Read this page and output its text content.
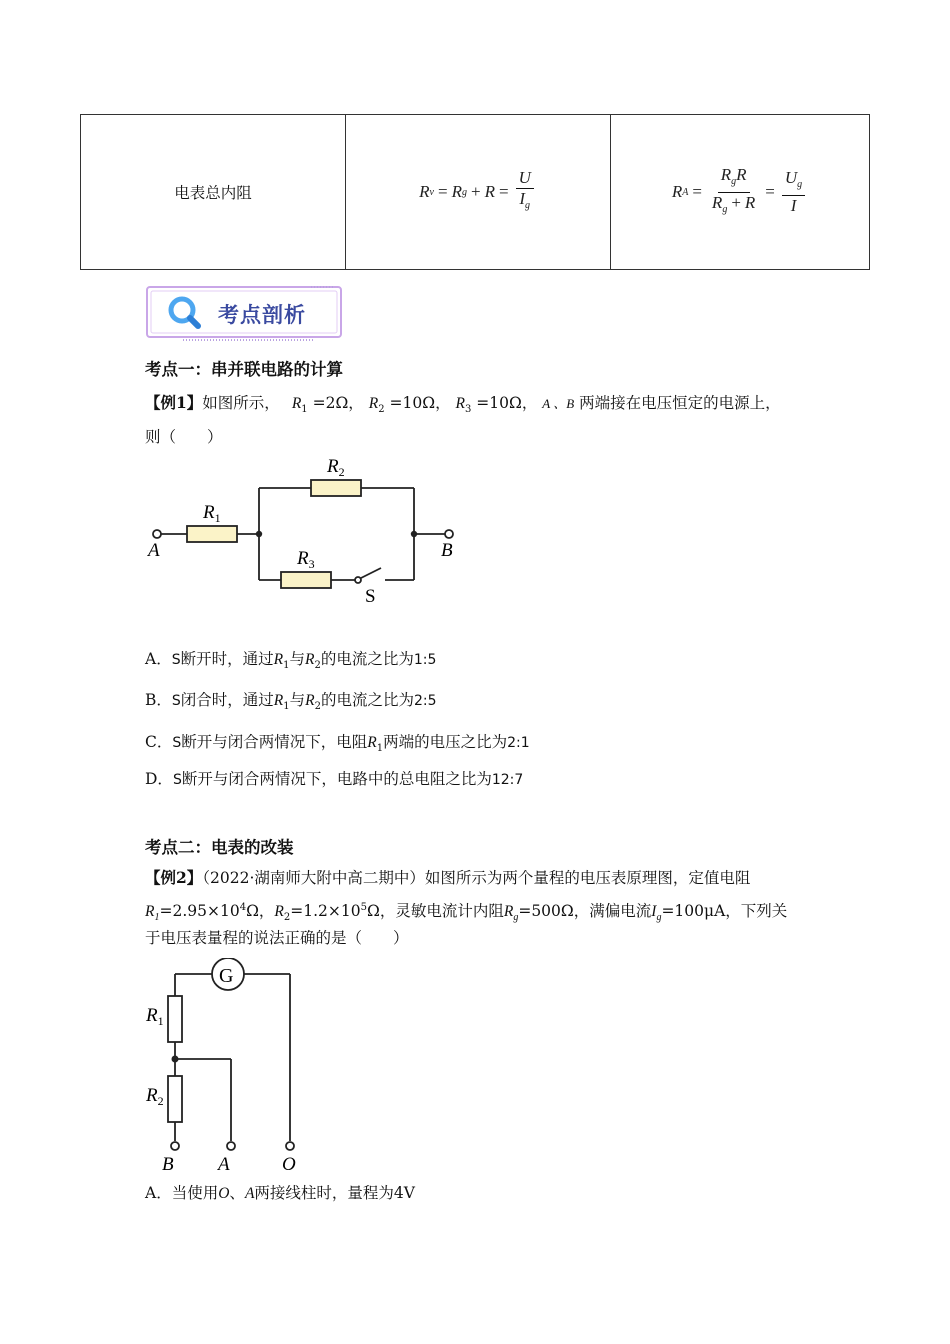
电表总内阻	R v = R $g + R = \frac{U}{I_g}$	R $A = \frac{R_gR}{R_g + R} = \frac{U_g}{I}$
考点剖析
考点一：串并联电路的计算
【例1】如图所示， $R_1 =2\Omega$， $R_2 =10\Omega$， $R_3 =10\Omega$， A 、B 两端接在电压恒定的电源上，
则（　　）
$R_1$
$R_2$
$R_3$
A	B
S
A．S断开时，通过$R_1$与$R_2$的电流之比为1:5
B．S闭合时，通过$R_1$与$R_2$的电流之比为2:5
C．S断开与闭合两情况下，电阻$R_1$两端的电压之比为2:1
D．S断开与闭合两情况下，电路中的总电阻之比为12:7
考点二：电表的改装
【例2】（2022·湖南师大附中高二期中）如图所示为两个量程的电压表原理图，定值电阻
$R_1=2.95\times 10^4\Omega$，$R_2=1.2\times 10^5\Omega$，灵敏电流计内阻$R_g=500\Omega$，满偏电流$I_g=100\mu A$，下列关
于电压表量程的说法正确的是（　　）
G
$R_1$
$R_2$
B A	O
A．当使用O、A两接线柱时，量程为4V
